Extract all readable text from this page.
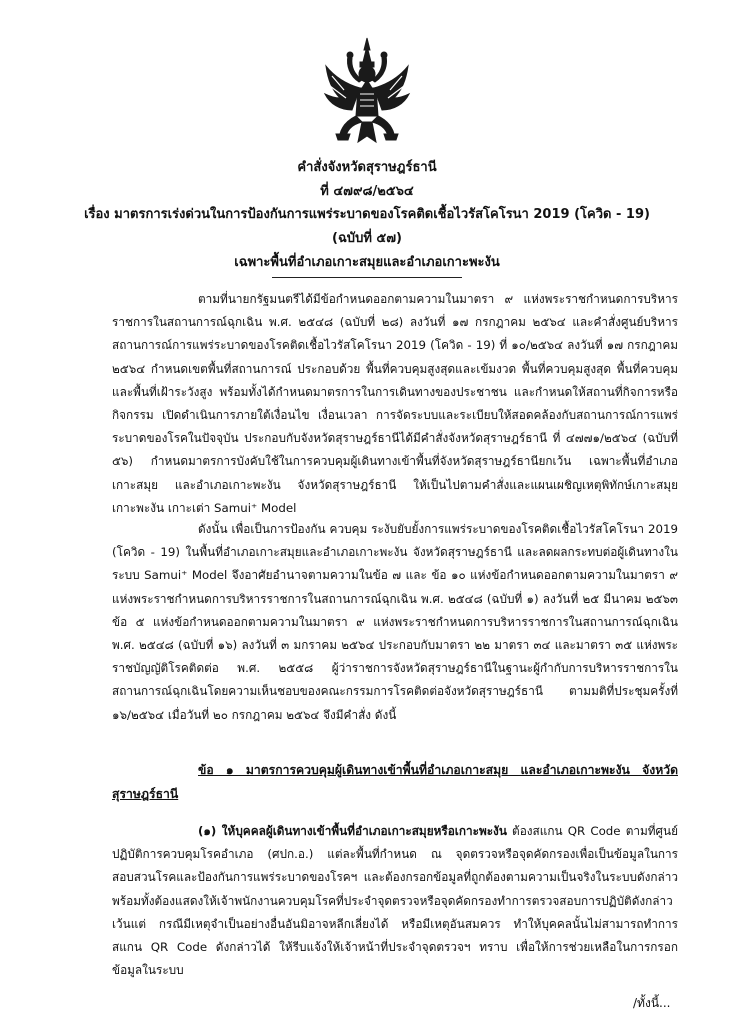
คำสั่งจังหวัดสุราษฎร์ธานี
ที่ ๔๗๙๘/๒๕๖๔
เรื่อง มาตรการเร่งด่วนในการป้องกันการแพร่ระบาดของโรคติดเชื้อไวรัสโคโรนา 2019 (โควิด - 19)
(ฉบับที่ ๕๗)
เฉพาะพื้นที่อำเภอเกาะสมุยและอำเภอเกาะพะงัน
ตามที่นายกรัฐมนตรีได้มีข้อกำหนดออกตามความในมาตรา ๙ แห่งพระราชกำหนดการบริหารราชการในสถานการณ์ฉุกเฉิน พ.ศ. ๒๕๔๘ (ฉบับที่ ๒๘) ลงวันที่ ๑๗ กรกฎาคม ๒๕๖๔ และคำสั่งศูนย์บริหารสถานการณ์การแพร่ระบาดของโรคติดเชื้อไวรัสโคโรนา 2019 (โควิด - 19) ที่ ๑๐/๒๕๖๔ ลงวันที่ ๑๗ กรกฎาคม ๒๕๖๔ กำหนดเขตพื้นที่สถานการณ์ ประกอบด้วย พื้นที่ควบคุมสูงสุดและเข้มงวด พื้นที่ควบคุมสูงสุด พื้นที่ควบคุม และพื้นที่เฝ้าระวังสูง พร้อมทั้งได้กำหนดมาตรการในการเดินทางของประชาชน และกำหนดให้สถานที่กิจการหรือกิจกรรม เปิดดำเนินการภายใต้เงื่อนไข เงื่อนเวลา การจัดระบบและระเบียบให้สอดคล้องกับสถานการณ์การแพร่ระบาดของโรคในปัจจุบัน ประกอบกับจังหวัดสุราษฎร์ธานีได้มีคำสั่งจังหวัดสุราษฎร์ธานี ที่ ๔๗๗๑/๒๕๖๔ (ฉบับที่ ๕๖) กำหนดมาตรการบังคับใช้ในการควบคุมผู้เดินทางเข้าพื้นที่จังหวัดสุราษฎร์ธานียกเว้น เฉพาะพื้นที่อำเภอเกาะสมุย และอำเภอเกาะพะงัน จังหวัดสุราษฎร์ธานี ให้เป็นไปตามคำสั่งและแผนเผชิญเหตุพิทักษ์เกาะสมุย เกาะพะงัน เกาะเต่า Samui⁺ Model
ดังนั้น เพื่อเป็นการป้องกัน ควบคุม ระงับยับยั้งการแพร่ระบาดของโรคติดเชื้อไวรัสโคโรนา 2019 (โควิด - 19) ในพื้นที่อำเภอเกาะสมุยและอำเภอเกาะพะงัน จังหวัดสุราษฎร์ธานี และลดผลกระทบต่อผู้เดินทางในระบบ Samui⁺ Model จึงอาศัยอำนาจตามความในข้อ ๗ และ ข้อ ๑๐ แห่งข้อกำหนดออกตามความในมาตรา ๙ แห่งพระราชกำหนดการบริหารราชการในสถานการณ์ฉุกเฉิน พ.ศ. ๒๕๔๘ (ฉบับที่ ๑) ลงวันที่ ๒๕ มีนาคม ๒๕๖๓ ข้อ ๕ แห่งข้อกำหนดออกตามความในมาตรา ๙ แห่งพระราชกำหนดการบริหารราชการในสถานการณ์ฉุกเฉิน พ.ศ. ๒๕๔๘ (ฉบับที่ ๑๖) ลงวันที่ ๓ มกราคม ๒๕๖๔ ประกอบกับมาตรา ๒๒ มาตรา ๓๔ และมาตรา ๓๕ แห่งพระราชบัญญัติโรคติดต่อ พ.ศ. ๒๕๕๘ ผู้ว่าราชการจังหวัดสุราษฎร์ธานีในฐานะผู้กำกับการบริหารราชการในสถานการณ์ฉุกเฉินโดยความเห็นชอบของคณะกรรมการโรคติดต่อจังหวัดสุราษฎร์ธานี ตามมติที่ประชุมครั้งที่ ๑๖/๒๕๖๔ เมื่อวันที่ ๒๐ กรกฎาคม ๒๕๖๔ จึงมีคำสั่ง ดังนี้
ข้อ ๑ มาตรการควบคุมผู้เดินทางเข้าพื้นที่อำเภอเกาะสมุย และอำเภอเกาะพะงัน จังหวัดสุราษฎร์ธานี
(๑) ให้บุคคลผู้เดินทางเข้าพื้นที่อำเภอเกาะสมุยหรือเกาะพะงัน ต้องสแกน QR Code ตามที่ศูนย์ปฏิบัติการควบคุมโรคอำเภอ (ศปก.อ.) แต่ละพื้นที่กำหนด ณ จุดตรวจหรือจุดคัดกรองเพื่อเป็นข้อมูลในการสอบสวนโรคและป้องกันการแพร่ระบาดของโรคฯ และต้องกรอกข้อมูลที่ถูกต้องตามความเป็นจริงในระบบดังกล่าว พร้อมทั้งต้องแสดงให้เจ้าพนักงานควบคุมโรคที่ประจำจุดตรวจหรือจุดคัดกรองทำการตรวจสอบการปฏิบัติดังกล่าว เว้นแต่ กรณีมีเหตุจำเป็นอย่างอื่นอันมิอาจหลีกเลี่ยงได้ หรือมีเหตุอันสมควร ทำให้บุคคลนั้นไม่สามารถทำการสแกน QR Code ดังกล่าวได้ ให้รีบแจ้งให้เจ้าหน้าที่ประจำจุดตรวจฯ ทราบ เพื่อให้การช่วยเหลือในการกรอกข้อมูลในระบบ
/ทั้งนี้...
